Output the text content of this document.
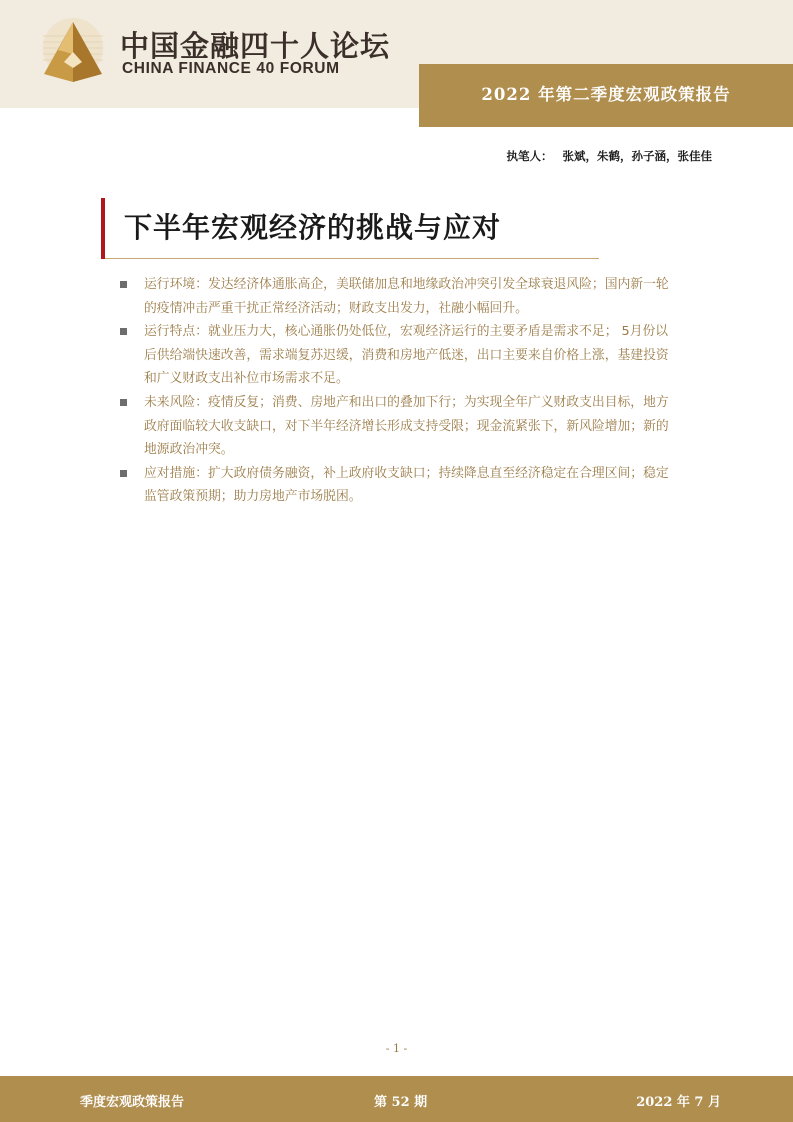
中国金融四十人论坛
CHINA FINANCE 40 FORUM
2022 年第二季度宏观政策报告
执笔人： 张斌，朱鹤，孙子涵，张佳佳
下半年宏观经济的挑战与应对
运行环境：发达经济体通胀高企，美联储加息和地缘政治冲突引发全球衰退风险；国内新一轮的疫情冲击严重干扰正常经济活动；财政支出发力，社融小幅回升。
运行特点：就业压力大，核心通胀仍处低位，宏观经济运行的主要矛盾是需求不足； 5月份以后供给端快速改善，需求端复苏迟缓，消费和房地产低迷，出口主要来自价格上涨，基建投资和广义财政支出补位市场需求不足。
未来风险：疫情反复；消费、房地产和出口的叠加下行；为实现全年广义财政支出目标，地方政府面临较大收支缺口，对下半年经济增长形成支持受限；现金流紧张下，新风险增加；新的地源政治冲突。
应对措施：扩大政府债务融资，补上政府收支缺口；持续降息直至经济稳定在合理区间；稳定监管政策预期；助力房地产市场脱困。
- 1 -
季度宏观政策报告	第 52 期	2022 年 7 月
